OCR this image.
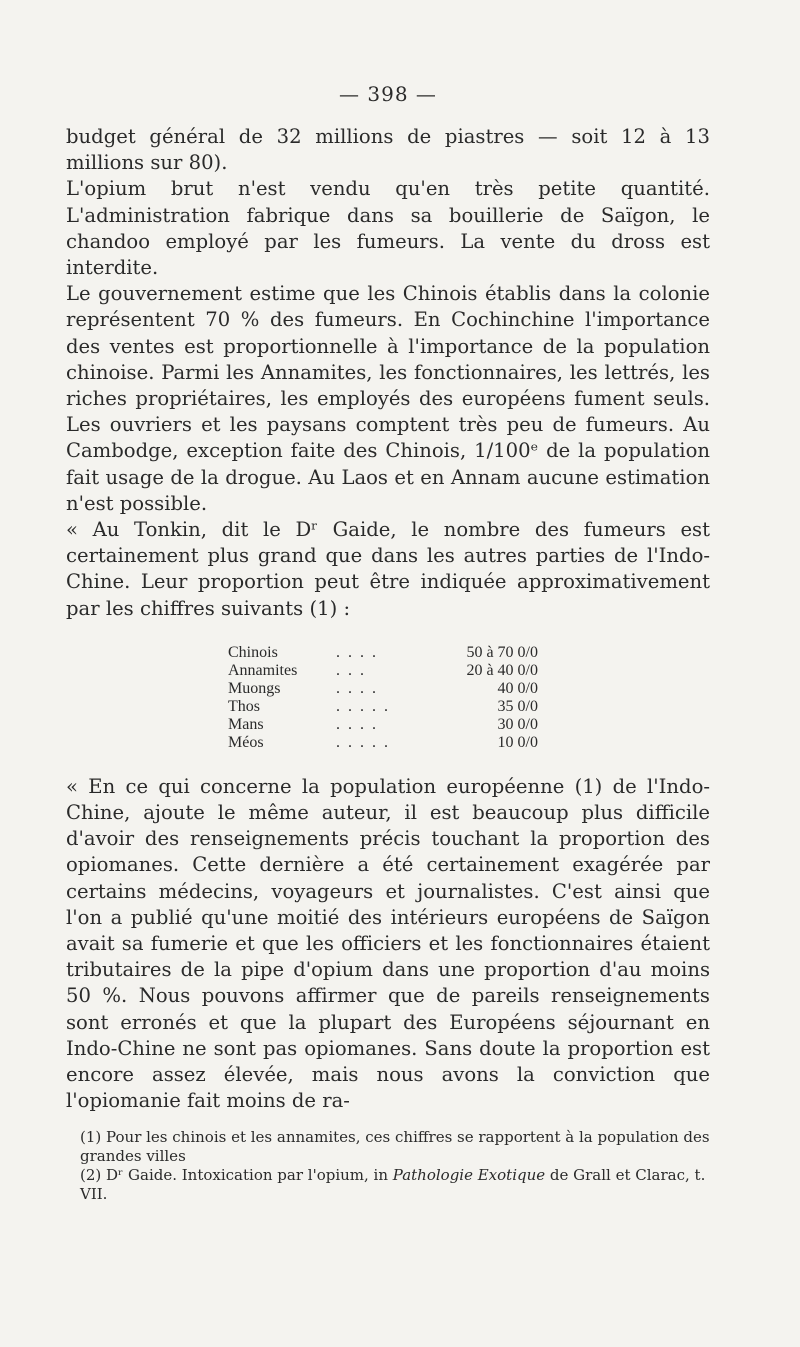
— 398 —

budget général de 32 millions de piastres — soit 12 à 13 millions sur 80).

L'opium brut n'est vendu qu'en très petite quantité. L'administration fabrique dans sa bouillerie de Saïgon, le chandoo employé par les fumeurs. La vente du dross est interdite.

Le gouvernement estime que les Chinois établis dans la colonie représentent 70 % des fumeurs. En Cochinchine l'importance des ventes est proportionnelle à l'importance de la population chinoise. Parmi les Annamites, les fonctionnaires, les lettrés, les riches propriétaires, les employés des européens fument seuls. Les ouvriers et les paysans comptent très peu de fumeurs. Au Cambodge, exception faite des Chinois, 1/100ᵉ de la population fait usage de la drogue. Au Laos et en Annam aucune estimation n'est possible.

« Au Tonkin, dit le Dʳ Gaide, le nombre des fumeurs est certainement plus grand que dans les autres parties de l'Indo-Chine. Leur proportion peut être indiquée approximativement par les chiffres suivants (1) :

Chinois	. . . .	50 à 70 0/0
Annamites	. . .	20 à 40 0/0
Muongs	. . . .	40 0/0
Thos	. . . . .	35 0/0
Mans	. . . .	30 0/0
Méos	. . . . .	10 0/0

« En ce qui concerne la population européenne (1) de l'Indo-Chine, ajoute le même auteur, il est beaucoup plus difficile d'avoir des renseignements précis touchant la proportion des opiomanes. Cette dernière a été certainement exagérée par certains médecins, voyageurs et journalistes. C'est ainsi que l'on a publié qu'une moitié des intérieurs européens de Saïgon avait sa fumerie et que les officiers et les fonctionnaires étaient tributaires de la pipe d'opium dans une proportion d'au moins 50 %. Nous pouvons affirmer que de pareils renseignements sont erronés et que la plupart des Européens séjournant en Indo-Chine ne sont pas opiomanes. Sans doute la proportion est encore assez élevée, mais nous avons la conviction que l'opiomanie fait moins de ra-

(1) Pour les chinois et les annamites, ces chiffres se rapportent à la population des grandes villes

(2) Dʳ Gaide. Intoxication par l'opium, in Pathologie Exotique de Grall et Clarac, t. VII.
